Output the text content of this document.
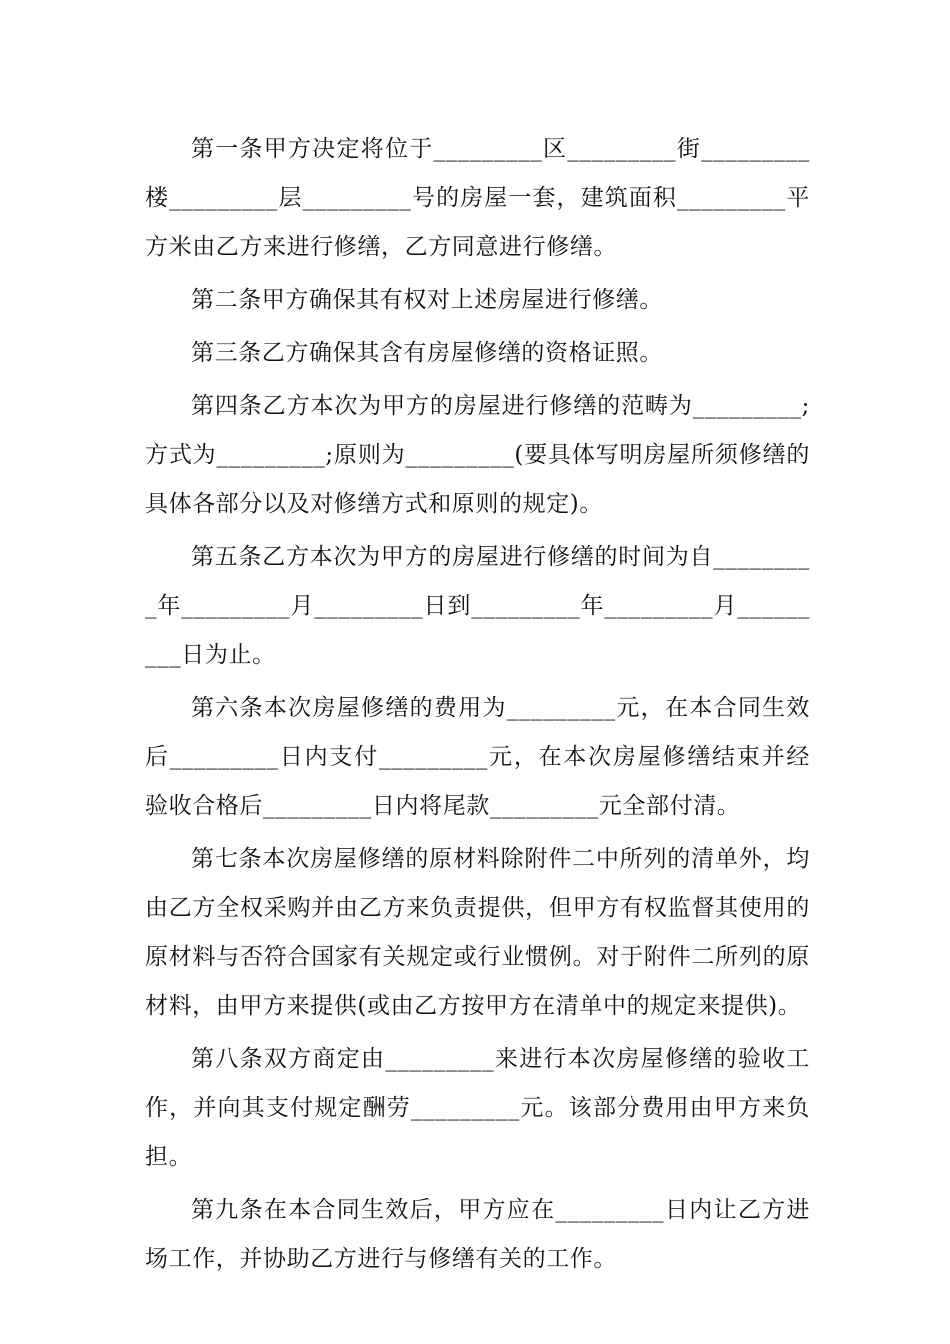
第一条甲方决定将位于_________区_________街_________楼_________层_________号的房屋一套，建筑面积_________平方米由乙方来进行修缮，乙方同意进行修缮。

第二条甲方确保其有权对上述房屋进行修缮。

第三条乙方确保其含有房屋修缮的资格证照。

第四条乙方本次为甲方的房屋进行修缮的范畴为_________;方式为_________;原则为_________(要具体写明房屋所须修缮的具体各部分以及对修缮方式和原则的规定)。

第五条乙方本次为甲方的房屋进行修缮的时间为自_________年_________月_________日到_________年_________月_________日为止。

第六条本次房屋修缮的费用为_________元，在本合同生效后_________日内支付_________元，在本次房屋修缮结束并经验收合格后_________日内将尾款_________元全部付清。

第七条本次房屋修缮的原材料除附件二中所列的清单外，均由乙方全权采购并由乙方来负责提供，但甲方有权监督其使用的原材料与否符合国家有关规定或行业惯例。对于附件二所列的原材料，由甲方来提供(或由乙方按甲方在清单中的规定来提供)。

第八条双方商定由_________来进行本次房屋修缮的验收工作，并向其支付规定酬劳_________元。该部分费用由甲方来负担。

第九条在本合同生效后，甲方应在_________日内让乙方进场工作，并协助乙方进行与修缮有关的工作。
